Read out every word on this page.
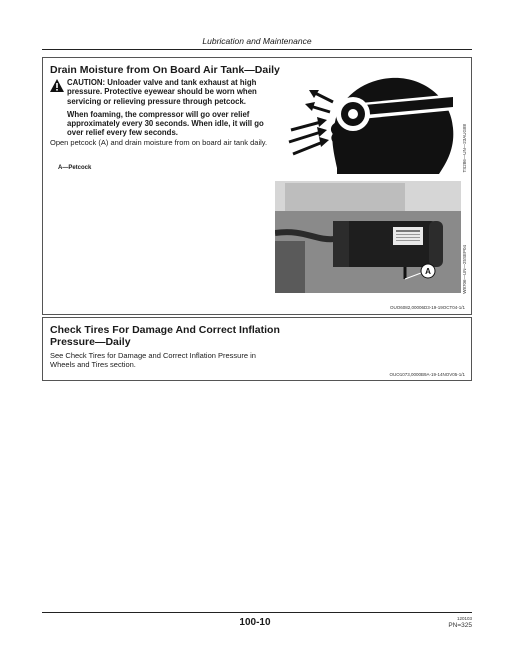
Lubrication and Maintenance
Drain Moisture from On Board Air Tank—Daily

CAUTION: Unloader valve and tank exhaust at high pressure. Protective eyewear should be worn when servicing or relieving pressure through petcock.

When foaming, the compressor will go over relief approximately every 30 seconds. When idle, it will go over relief every few seconds.

Open petcock (A) and drain moisture from on board air tank daily.
A—Petcock	TS286—UN—23AUG88
A	W8706—UN—25SEP04
OUO6082,00006D3-19-19OCT04-1/1
Check Tires For Damage And Correct Inflation Pressure—Daily
See Check Tires for Damage and Correct Inflation Pressure in Wheels and Tires section.
OUO1073,0000B9A-19-14NOV05-1/1
100-10	120103
PN=325
